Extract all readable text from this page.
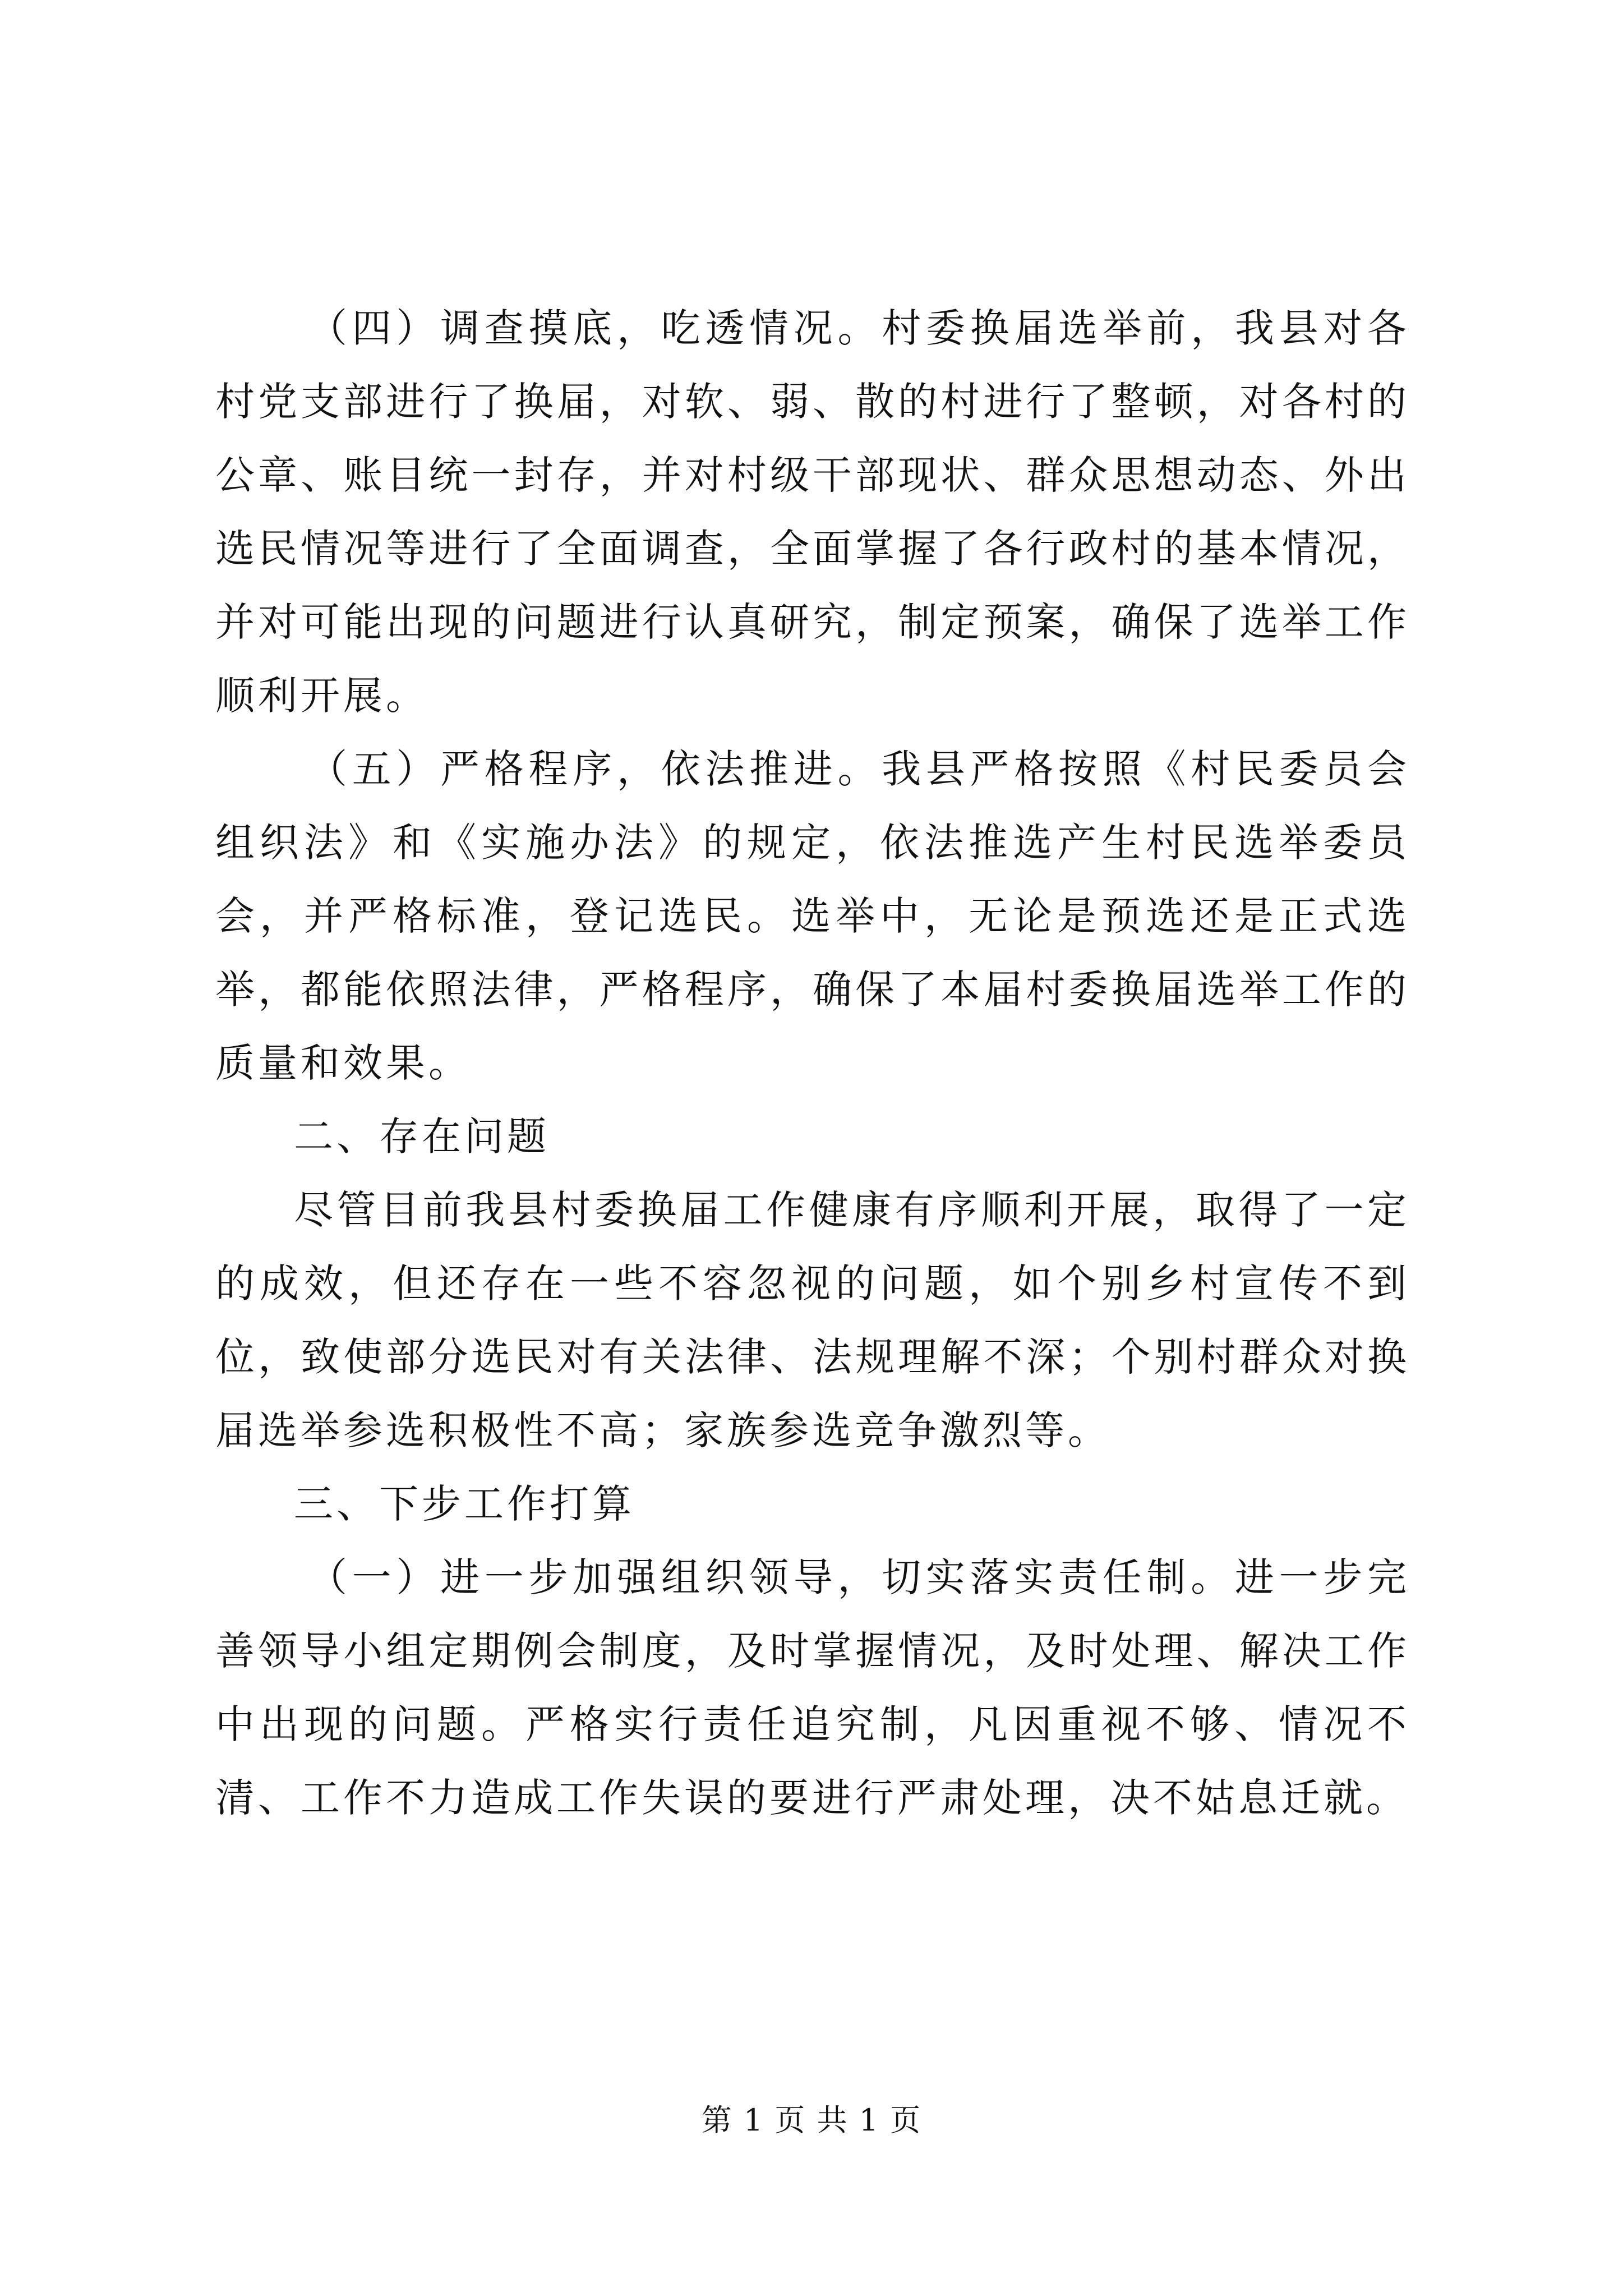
（四）调查摸底，吃透情况。村委换届选举前，我县对各村党支部进行了换届，对软、弱、散的村进行了整顿，对各村的公章、账目统一封存，并对村级干部现状、群众思想动态、外出选民情况等进行了全面调查，全面掌握了各行政村的基本情况，并对可能出现的问题进行认真研究，制定预案，确保了选举工作顺利开展。

（五）严格程序，依法推进。我县严格按照《村民委员会组织法》和《实施办法》的规定，依法推选产生村民选举委员会，并严格标准，登记选民。选举中，无论是预选还是正式选举，都能依照法律，严格程序，确保了本届村委换届选举工作的质量和效果。

二、存在问题

尽管目前我县村委换届工作健康有序顺利开展，取得了一定的成效，但还存在一些不容忽视的问题，如个别乡村宣传不到位，致使部分选民对有关法律、法规理解不深；个别村群众对换届选举参选积极性不高；家族参选竞争激烈等。

三、下步工作打算

（一）进一步加强组织领导，切实落实责任制。进一步完善领导小组定期例会制度，及时掌握情况，及时处理、解决工作中出现的问题。严格实行责任追究制，凡因重视不够、情况不清、工作不力造成工作失误的要进行严肃处理，决不姑息迁就。

第 1 页 共 1 页
